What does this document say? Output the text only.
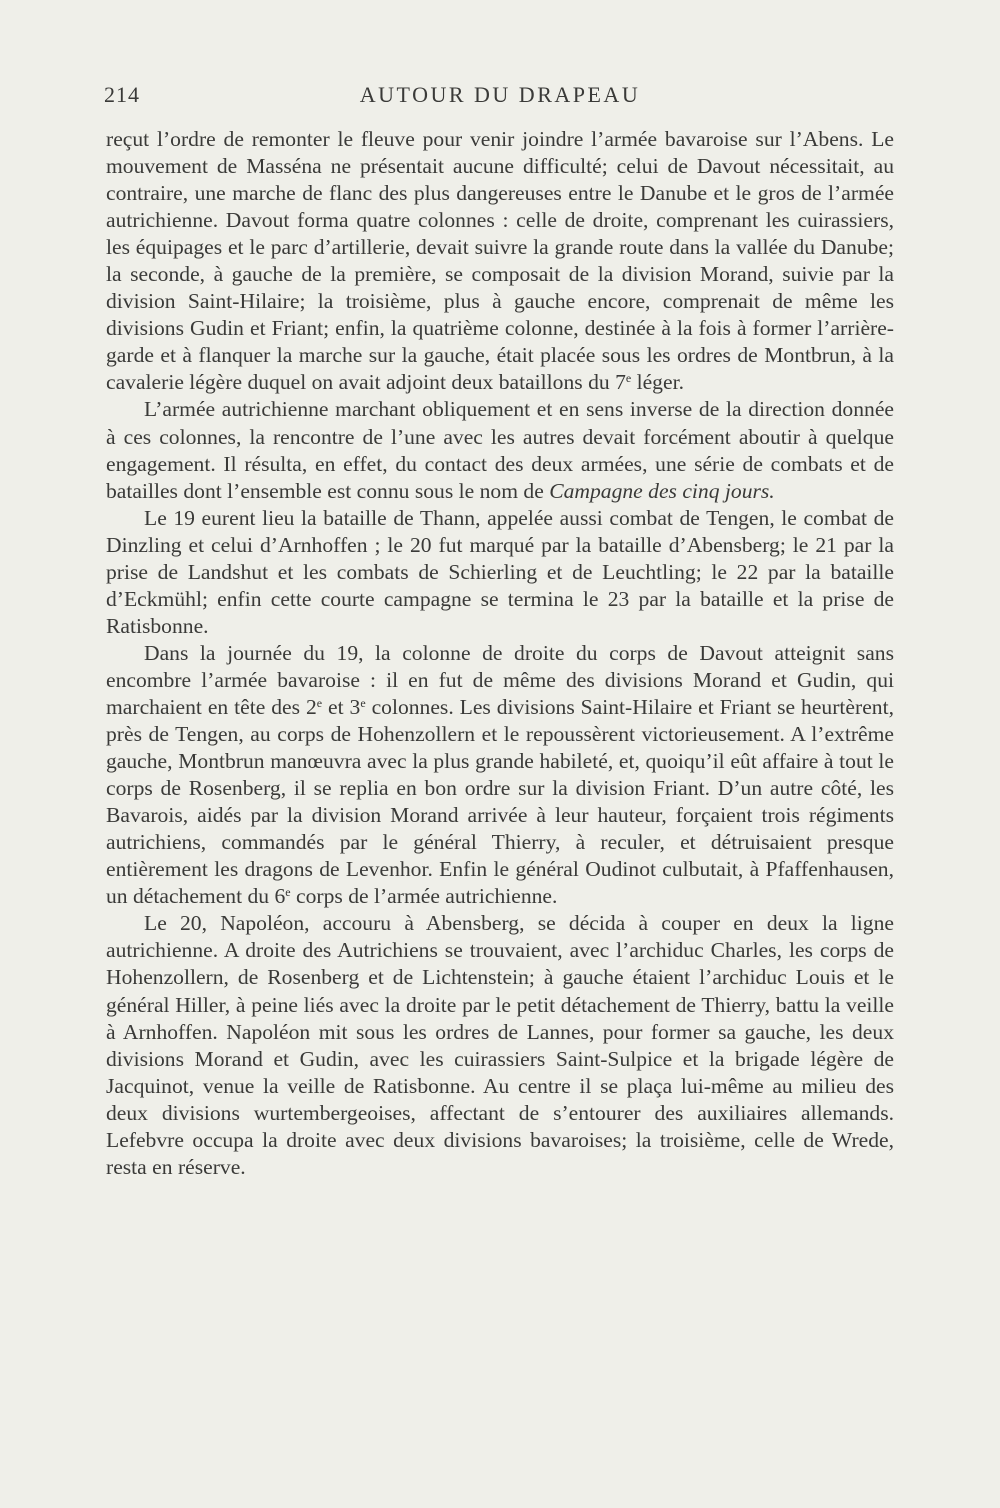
214	AUTOUR DU DRAPEAU

reçut l’ordre de remonter le fleuve pour venir joindre l’armée bavaroise sur l’Abens. Le mouvement de Masséna ne présentait aucune difficulté; celui de Davout nécessitait, au contraire, une marche de flanc des plus dangereuses entre le Danube et le gros de l’armée autrichienne. Davout forma quatre colonnes : celle de droite, comprenant les cuirassiers, les équipages et le parc d’artillerie, devait suivre la grande route dans la vallée du Danube; la seconde, à gauche de la première, se composait de la division Morand, suivie par la division Saint-Hilaire; la troisième, plus à gauche encore, comprenait de même les divisions Gudin et Friant; enfin, la quatrième colonne, destinée à la fois à former l’arrière-garde et à flanquer la marche sur la gauche, était placée sous les ordres de Montbrun, à la cavalerie légère duquel on avait adjoint deux bataillons du 7e léger.

L’armée autrichienne marchant obliquement et en sens inverse de la direction donnée à ces colonnes, la rencontre de l’une avec les autres devait forcément aboutir à quelque engagement. Il résulta, en effet, du contact des deux armées, une série de combats et de batailles dont l’ensemble est connu sous le nom de Campagne des cinq jours.

Le 19 eurent lieu la bataille de Thann, appelée aussi combat de Tengen, le combat de Dinzling et celui d’Arnhoffen ; le 20 fut marqué par la bataille d’Abensberg; le 21 par la prise de Landshut et les combats de Schierling et de Leuchtling; le 22 par la bataille d’Eckmühl; enfin cette courte campagne se termina le 23 par la bataille et la prise de Ratisbonne.

Dans la journée du 19, la colonne de droite du corps de Davout atteignit sans encombre l’armée bavaroise : il en fut de même des divisions Morand et Gudin, qui marchaient en tête des 2e et 3e colonnes. Les divisions Saint-Hilaire et Friant se heurtèrent, près de Tengen, au corps de Hohenzollern et le repoussèrent victorieusement. A l’extrême gauche, Montbrun manœuvra avec la plus grande habileté, et, quoiqu’il eût affaire à tout le corps de Rosenberg, il se replia en bon ordre sur la division Friant. D’un autre côté, les Bavarois, aidés par la division Morand arrivée à leur hauteur, forçaient trois régiments autrichiens, commandés par le général Thierry, à reculer, et détruisaient presque entièrement les dragons de Levenhor. Enfin le général Oudinot culbutait, à Pfaffenhausen, un détachement du 6e corps de l’armée autrichienne.

Le 20, Napoléon, accouru à Abensberg, se décida à couper en deux la ligne autrichienne. A droite des Autrichiens se trouvaient, avec l’archiduc Charles, les corps de Hohenzollern, de Rosenberg et de Lichtenstein; à gauche étaient l’archiduc Louis et le général Hiller, à peine liés avec la droite par le petit détachement de Thierry, battu la veille à Arnhoffen. Napoléon mit sous les ordres de Lannes, pour former sa gauche, les deux divisions Morand et Gudin, avec les cuirassiers Saint-Sulpice et la brigade légère de Jacquinot, venue la veille de Ratisbonne. Au centre il se plaça lui-même au milieu des deux divisions wurtembergeoises, affectant de s’entourer des auxiliaires allemands. Lefebvre occupa la droite avec deux divisions bavaroises; la troisième, celle de Wrede, resta en réserve.
